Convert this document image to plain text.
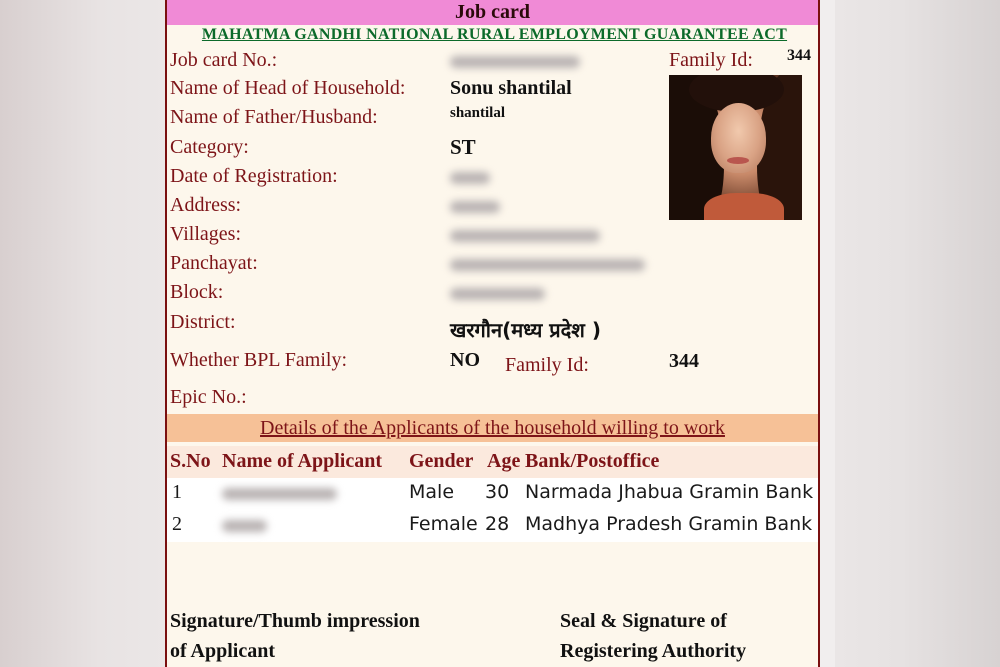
Job card
MAHATMA GANDHI NATIONAL RURAL EMPLOYMENT GUARANTEE ACT
Job card No.:	Family Id: 344
Name of Head of Household: Sonu shantilal
Name of Father/Husband:	shantilal
Category:	ST
Date of Registration:
Address:
Villages:
Panchayat:
Block:
District:	खरगौन(मध्य प्रदेश )
Whether BPL Family:	NO Family Id:	344
Epic No.:
Details of the Applicants of the household willing to work
S.No Name of Applicant Gender Age Bank/Postoffice
1	Male 30 Narmada Jhabua Gramin Bank
2	Female 28 Madhya Pradesh Gramin Bank
Signature/Thumb impression
of Applicant
Seal & Signature of
Registering Authority
